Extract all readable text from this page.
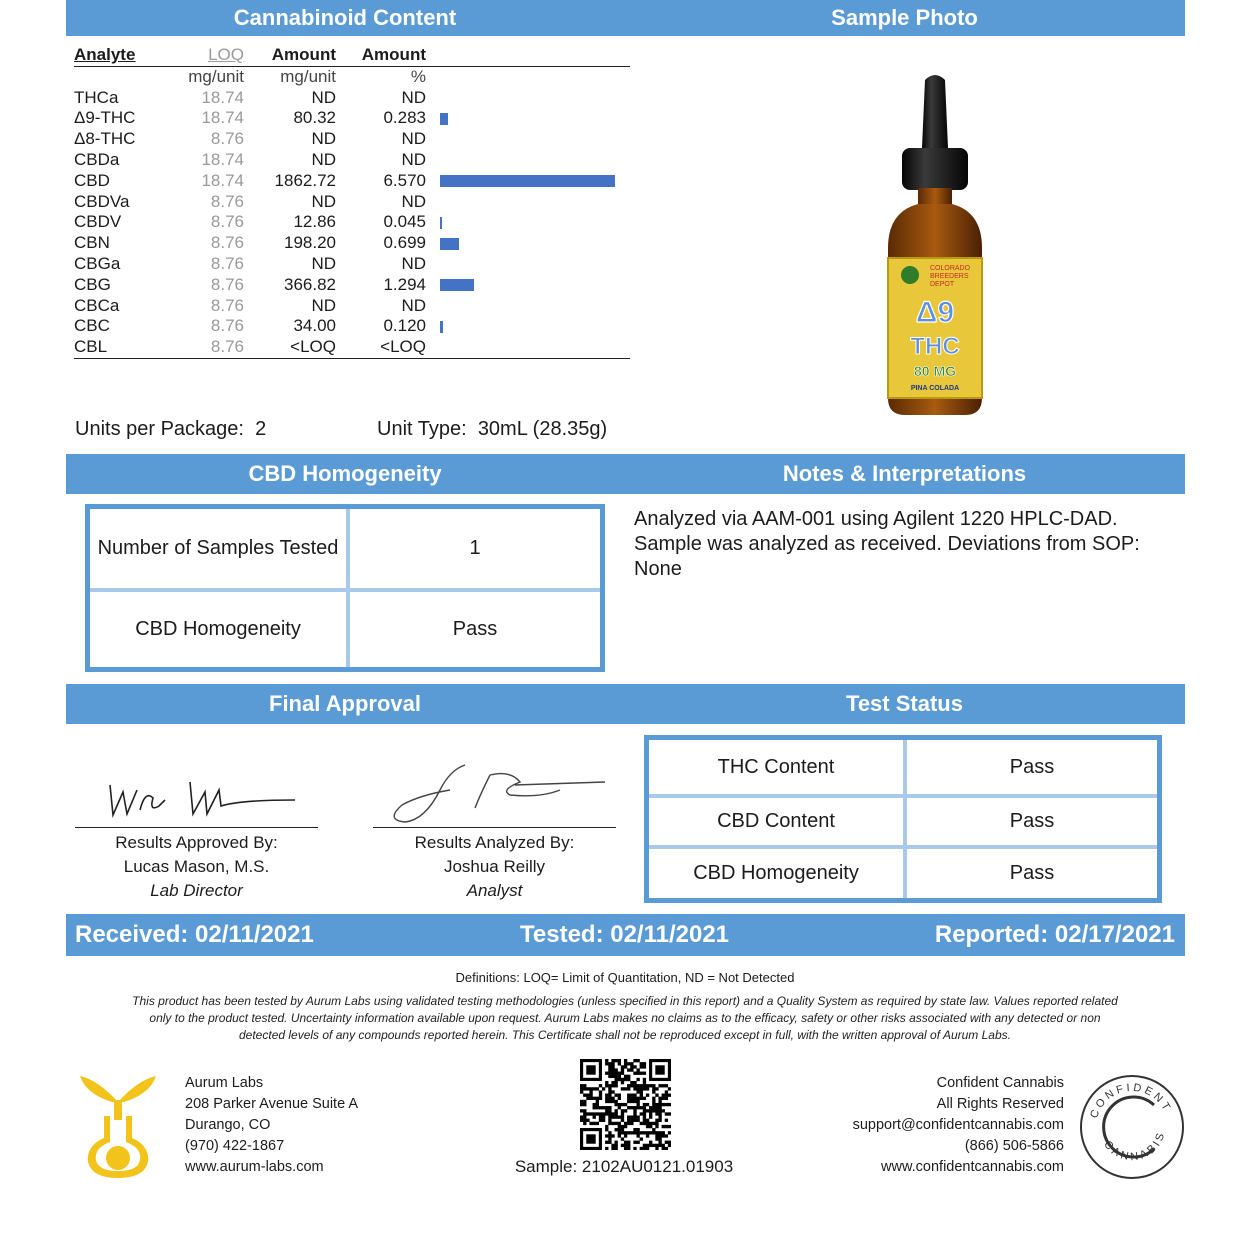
Cannabinoid Content	Sample Photo
Analyte	LOQ	Amount	Amount	
	mg/unit	mg/unit	%	
THCa	18.74	ND	ND	
Δ9-THC	18.74	80.32	0.283	

Δ8-THC	8.76	ND	ND	
CBDa	18.74	ND	ND	
CBD	18.74	1862.72	6.570	

CBDVa	8.76	ND	ND	
CBDV	8.76	12.86	0.045	

CBN	8.76	198.20	0.699	

CBGa	8.76	ND	ND	
CBG	8.76	366.82	1.294	

CBCa	8.76	ND	ND	
CBC	8.76	34.00	0.120	

CBL	8.76	<LOQ	<LOQ	
Units per Package: 2	Unit Type: 30mL (28.35g)
COLORADO
BREEDERS
DEPOT
Δ9
THC
80 MG
PINA COLADA
CBD Homogeneity	Notes & Interpretations
Number of Samples Tested	1
CBD Homogeneity	Pass
Analyzed via AAM-001 using Agilent 1220 HPLC-DAD. Sample was analyzed as received. Deviations from SOP: None
Final Approval	Test Status
Results Approved By:
Lucas Mason, M.S.
Lab Director
Results Analyzed By:
Joshua Reilly
Analyst
THC Content	Pass
CBD Content	Pass
CBD Homogeneity	Pass
Received: 02/11/2021	Tested: 02/11/2021	Reported: 02/17/2021
Definitions: LOQ= Limit of Quantitation, ND = Not Detected
This product has been tested by Aurum Labs using validated testing methodologies (unless specified in this report) and a Quality System as required by state law. Values reported related only to the product tested. Uncertainty information available upon request. Aurum Labs makes no claims as to the efficacy, safety or other risks associated with any detected or non detected levels of any compounds reported herein. This Certificate shall not be reproduced except in full, with the written approval of Aurum Labs.
Aurum Labs
208 Parker Avenue Suite A
Durango, CO
(970) 422-1867
www.aurum-labs.com	Sample: 2102AU0121.01903
Confident Cannabis
All Rights Reserved
support@confidentcannabis.com
(866) 506-5866
www.confidentcannabis.com
CONFIDENT
CANNABIS
